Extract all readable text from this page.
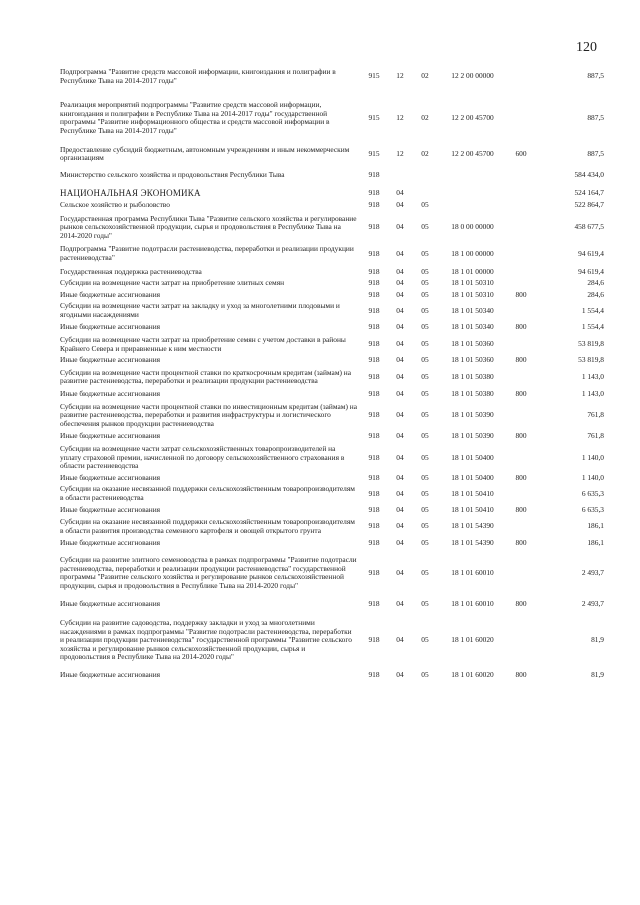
120
Подпрограмма "Развитие средств массовой информации, книгоиздания и полиграфии в Республике Тыва на 2014-2017 годы"	915	12	02	12 2 00 00000		887,5
Реализация мероприятий подпрограммы "Развитие средств массовой информации, книгоиздания и полиграфии в Республике Тыва на 2014-2017 годы" государственной программы "Развитие информационного общества и средств массовой информации в Республике Тыва на 2014-2017 годы"	915	12	02	12 2 00 45700		887,5
Предоставление субсидий бюджетным, автономным учреждениям и иным некоммерческим организациям	915	12	02	12 2 00 45700	600	887,5
Министерство сельского хозяйства и продовольствия Республики Тыва	918					584 434,0
НАЦИОНАЛЬНАЯ ЭКОНОМИКА	918	04				524 164,7
Сельское хозяйство и рыболовство	918	04	05			522 864,7
Государственная программа Республики Тыва "Развитие сельского хозяйства и регулирование рынков сельскохозяйственной продукции, сырья и продовольствия в Республике Тыва на 2014-2020 годы"	918	04	05	18 0 00 00000		458 677,5
Подпрограмма "Развитие подотрасли растениеводства, переработки и реализации продукции растениеводства"	918	04	05	18 1 00 00000		94 619,4
Государственная поддержка растениеводства	918	04	05	18 1 01 00000		94 619,4
Субсидии на возмещение части затрат на приобретение элитных семян	918	04	05	18 1 01 50310		284,6
Иные бюджетные ассигнования	918	04	05	18 1 01 50310	800	284,6
Субсидии на возмещение части затрат на закладку и уход за многолетними плодовыми и ягодными насаждениями	918	04	05	18 1 01 50340		1 554,4
Иные бюджетные ассигнования	918	04	05	18 1 01 50340	800	1 554,4
Субсидии на возмещение части затрат на приобретение семян с учетом доставки в районы Крайнего Севера и приравненные к ним местности	918	04	05	18 1 01 50360		53 819,8
Иные бюджетные ассигнования	918	04	05	18 1 01 50360	800	53 819,8
Субсидии на возмещение части процентной ставки по краткосрочным кредитам (займам) на развитие растениеводства, переработки и реализации продукции растениеводства	918	04	05	18 1 01 50380		1 143,0
Иные бюджетные ассигнования	918	04	05	18 1 01 50380	800	1 143,0
Субсидии на возмещение части процентной ставки по инвестиционным кредитам (займам) на развитие растениеводства, переработки и развития инфраструктуры и логистического обеспечения рынков продукции растениеводства	918	04	05	18 1 01 50390		761,8
Иные бюджетные ассигнования	918	04	05	18 1 01 50390	800	761,8
Субсидии на возмещение части затрат сельскохозяйственных товаропроизводителей на уплату страховой премии, начисленной по договору сельскохозяйственного страхования в области растениеводства	918	04	05	18 1 01 50400		1 140,0
Иные бюджетные ассигнования	918	04	05	18 1 01 50400	800	1 140,0
Субсидии на оказание несвязанной поддержки сельскохозяйственным товаропроизводителям в области растениеводства	918	04	05	18 1 01 50410		6 635,3
Иные бюджетные ассигнования	918	04	05	18 1 01 50410	800	6 635,3
Субсидии на оказание несвязанной поддержки сельскохозяйственным товаропроизводителям в области развития производства семенного картофеля и овощей открытого грунта	918	04	05	18 1 01 54390		186,1
Иные бюджетные ассигнования	918	04	05	18 1 01 54390	800	186,1
Субсидии на развитие элитного семеноводства в рамках подпрограммы "Развитие подотрасли растениеводства, переработки и реализации продукции растениеводства" государственной программы "Развитие сельского хозяйства и регулирование рынков сельскохозяйственной продукции, сырья и продовольствия в Республике Тыва на 2014-2020 годы"	918	04	05	18 1 01 60010		2 493,7
Иные бюджетные ассигнования	918	04	05	18 1 01 60010	800	2 493,7
Субсидии на развитие садоводства, поддержку закладки и уход за многолетними насаждениями в рамках подпрограммы "Развитие подотрасли растениеводства, переработки и реализации продукции растениеводства" государственной программы "Развитие сельского хозяйства и регулирование рынков сельскохозяйственной продукции, сырья и продовольствия в Республике Тыва на 2014-2020 годы"	918	04	05	18 1 01 60020		81,9
Иные бюджетные ассигнования	918	04	05	18 1 01 60020	800	81,9
